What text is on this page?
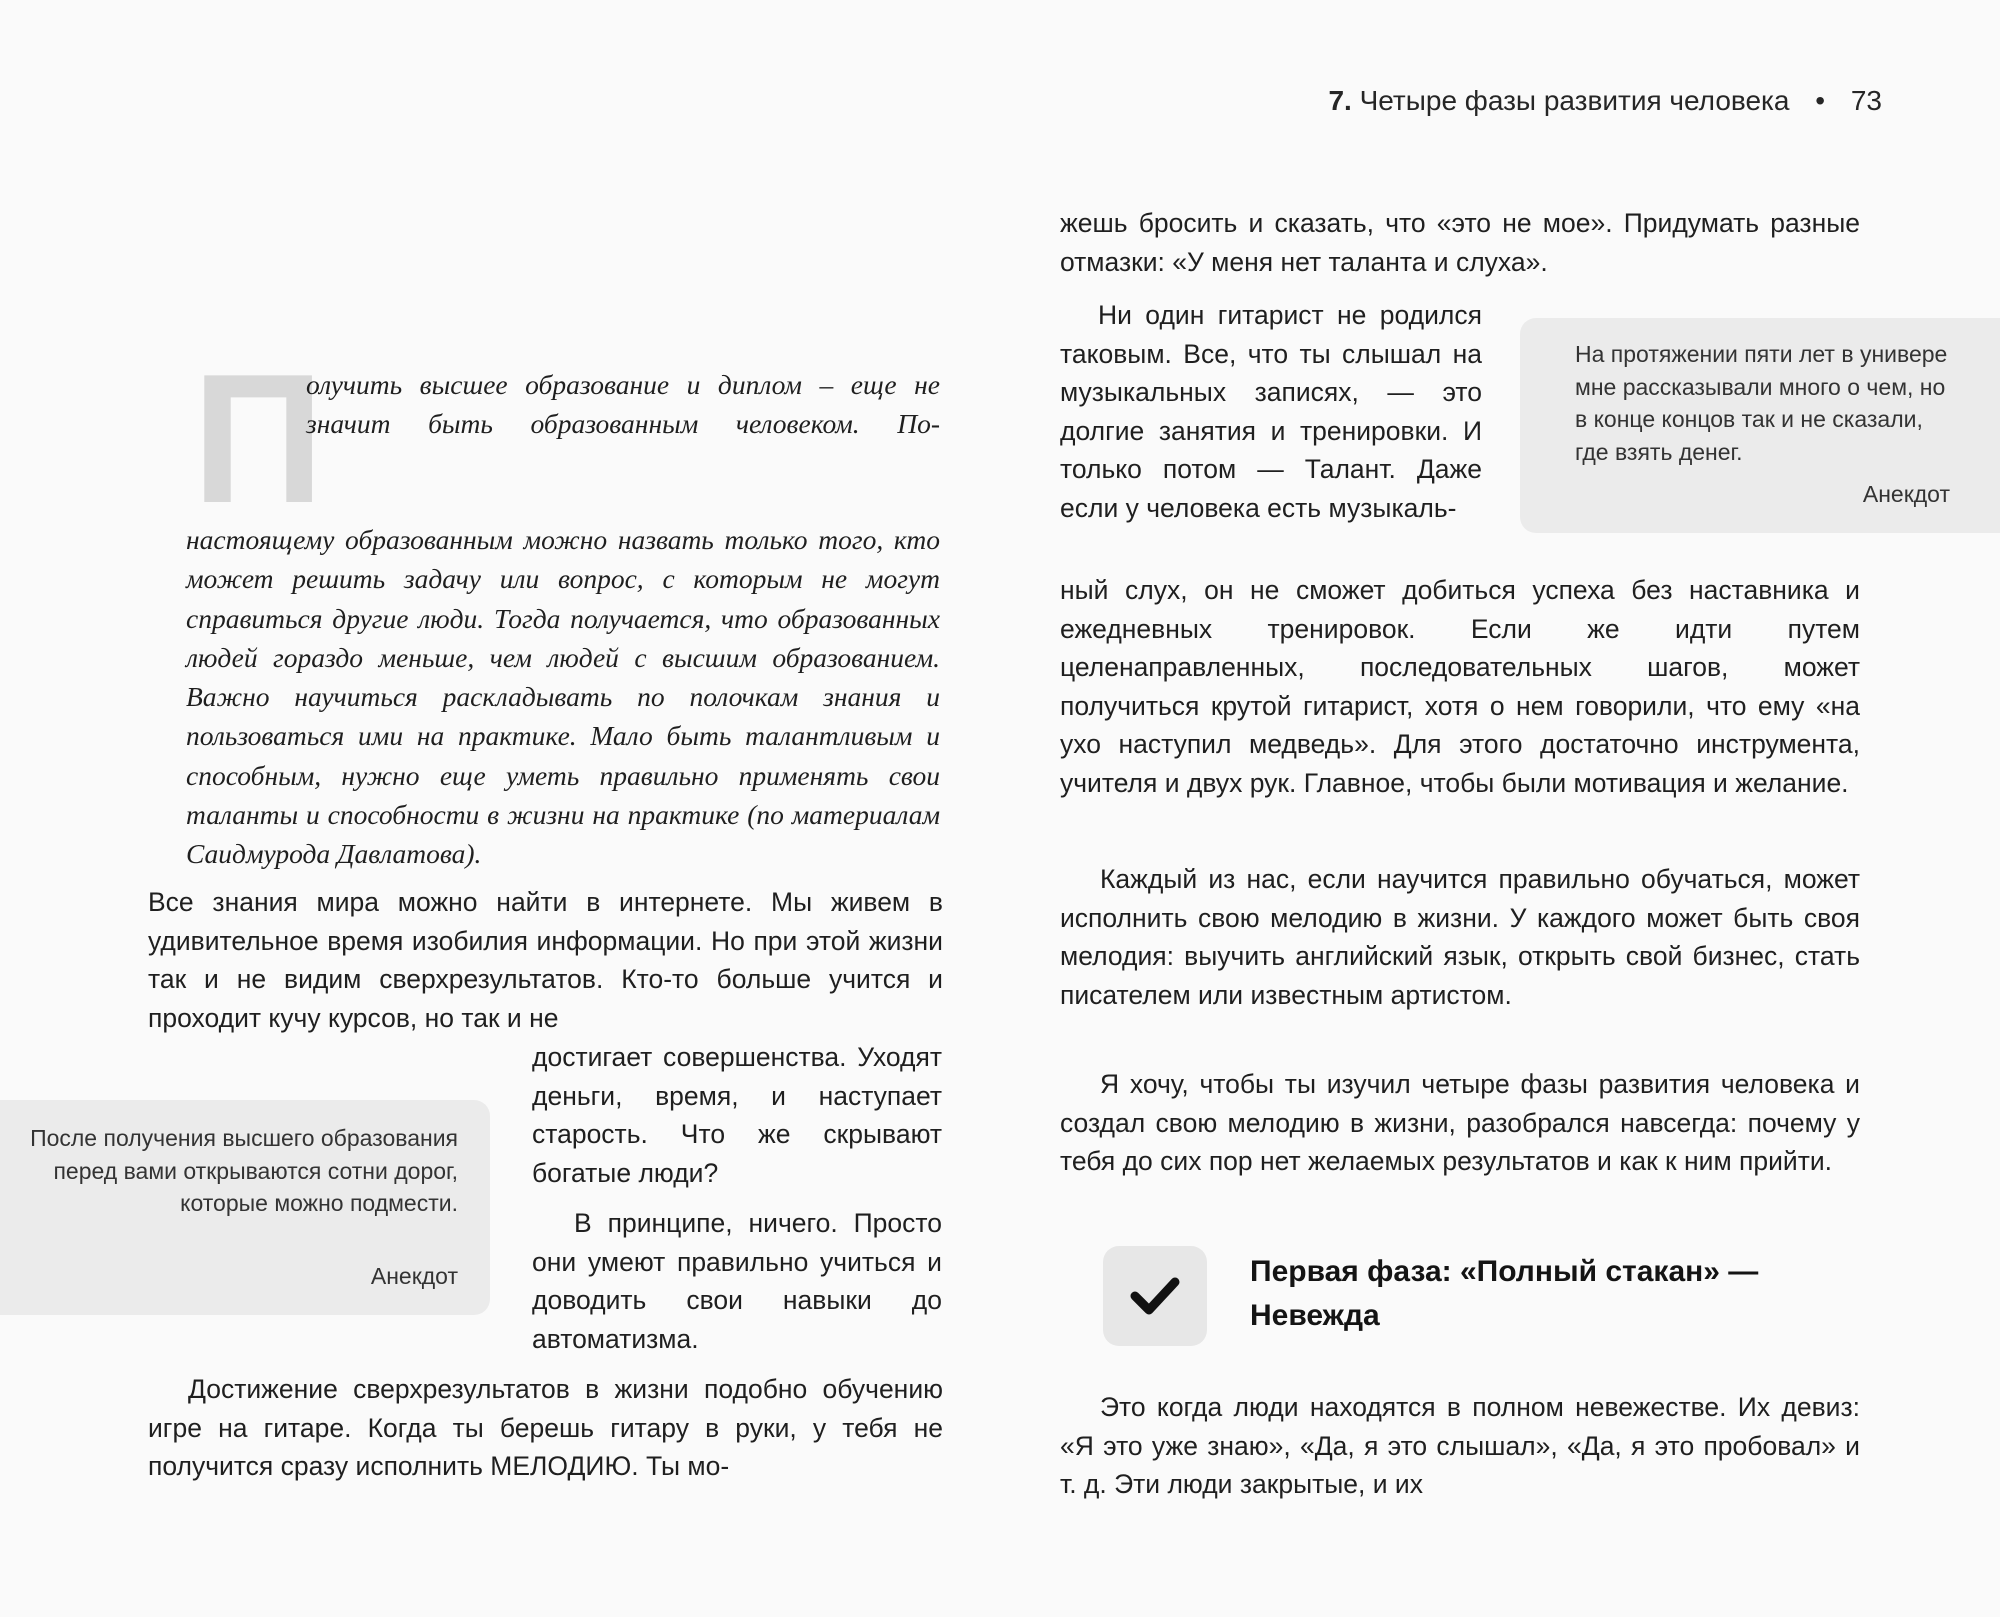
7. Четыре фазы развития человека • 73
П
олучить высшее образование и диплом – еще не значит быть образованным человеком. По-
настоящему образованным можно назвать только того, кто может решить задачу или вопрос, с которым не могут справиться другие люди. Тогда получается, что образованных людей гораздо меньше, чем людей с высшим образованием. Важно научиться раскладывать по полочкам знания и пользоваться ими на практике. Мало быть талантливым и способным, нужно еще уметь правильно применять свои таланты и способности в жизни на практике (по материалам Саидмурода Давлатова).
Все знания мира можно найти в интернете. Мы живем в удивительное время изобилия информации. Но при этой жизни так и не видим сверхрезультатов. Кто-то больше учится и проходит кучу курсов, но так и не
достигает совершенства. Уходят деньги, время, и наступает старость. Что же скрывают богатые люди?
В принципе, ничего. Просто они умеют правильно учиться и доводить свои навыки до автоматизма.
Достижение сверхрезультатов в жизни подобно обучению игре на гитаре. Когда ты берешь гитару в руки, у тебя не получится сразу исполнить МЕЛОДИЮ. Ты мо-
После получения высшего образования перед вами открываются сотни дорог, которые можно подмести.
Анекдот
жешь бросить и сказать, что «это не мое». Придумать разные отмазки: «У меня нет таланта и слуха».
Ни один гитарист не родился таковым. Все, что ты слышал на музыкальных записях, — это долгие занятия и тренировки. И только потом — Талант. Даже если у человека есть музыкаль-
ный слух, он не сможет добиться успеха без наставника и ежедневных тренировок. Если же идти путем целенаправленных, последовательных шагов, может получиться крутой гитарист, хотя о нем говорили, что ему «на ухо наступил медведь». Для этого достаточно инструмента, учителя и двух рук. Главное, чтобы были мотивация и желание.
Каждый из нас, если научится правильно обучаться, может исполнить свою мелодию в жизни. У каждого может быть своя мелодия: выучить английский язык, открыть свой бизнес, стать писателем или известным артистом.
Я хочу, чтобы ты изучил четыре фазы развития человека и создал свою мелодию в жизни, разобрался навсегда: почему у тебя до сих пор нет желаемых результатов и как к ним прийти.
На протяжении пяти лет в универе мне рассказывали много о чем, но в конце концов так и не сказали, где взять денег.
Анекдот
Первая фаза: «Полный стакан» — Невежда
Это когда люди находятся в полном невежестве. Их девиз: «Я это уже знаю», «Да, я это слышал», «Да, я это пробовал» и т. д. Эти люди закрытые, и их
